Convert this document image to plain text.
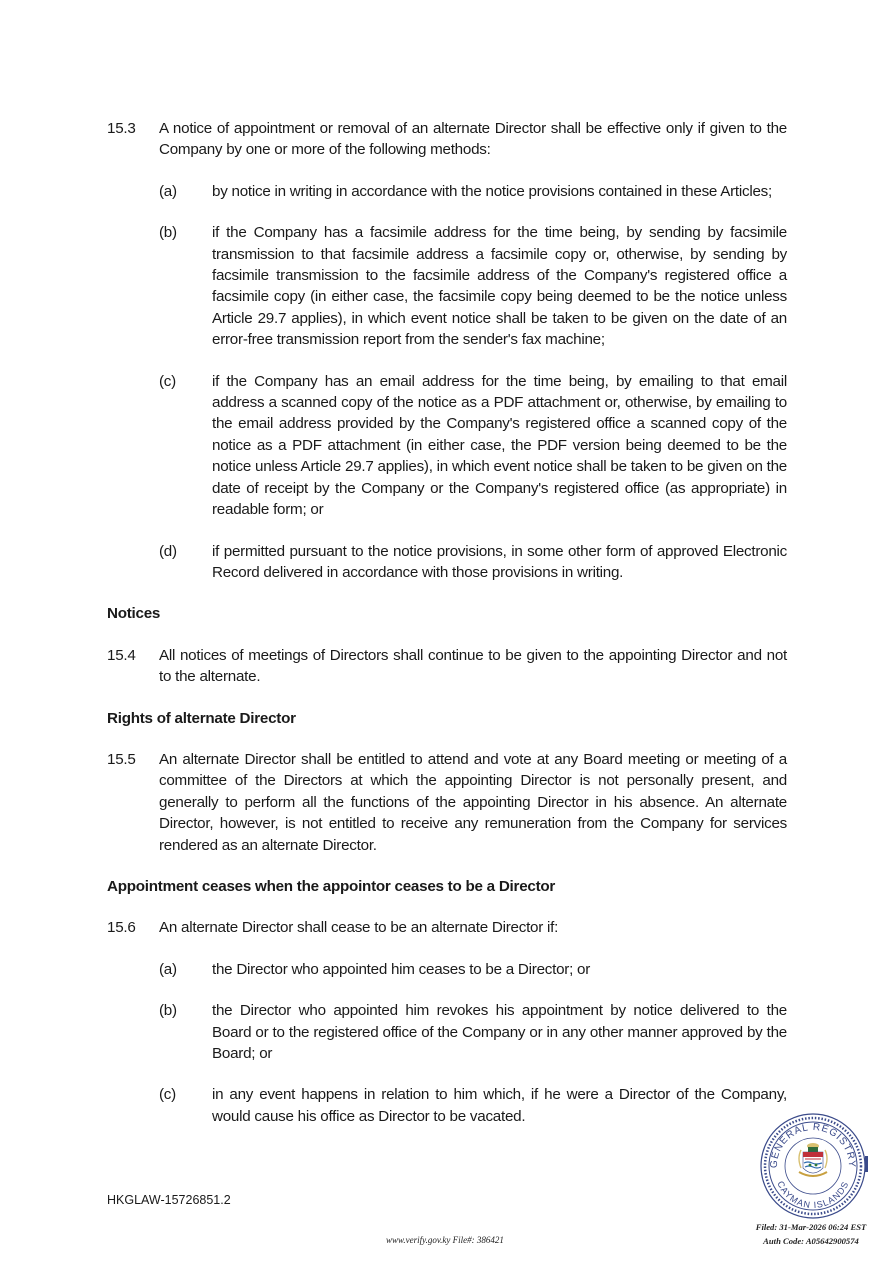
15.3	A notice of appointment or removal of an alternate Director shall be effective only if given to the Company by one or more of the following methods:
(a)	by notice in writing in accordance with the notice provisions contained in these Articles;
(b)	if the Company has a facsimile address for the time being, by sending by facsimile transmission to that facsimile address a facsimile copy or, otherwise, by sending by facsimile transmission to the facsimile address of the Company's registered office a facsimile copy (in either case, the facsimile copy being deemed to be the notice unless Article 29.7 applies), in which event notice shall be taken to be given on the date of an error-free transmission report from the sender's fax machine;
(c)	if the Company has an email address for the time being, by emailing to that email address a scanned copy of the notice as a PDF attachment or, otherwise, by emailing to the email address provided by the Company's registered office a scanned copy of the notice as a PDF attachment (in either case, the PDF version being deemed to be the notice unless Article 29.7 applies), in which event notice shall be taken to be given on the date of receipt by the Company or the Company's registered office (as appropriate) in readable form; or
(d)	if permitted pursuant to the notice provisions, in some other form of approved Electronic Record delivered in accordance with those provisions in writing.
Notices
15.4	All notices of meetings of Directors shall continue to be given to the appointing Director and not to the alternate.
Rights of alternate Director
15.5	An alternate Director shall be entitled to attend and vote at any Board meeting or meeting of a committee of the Directors at which the appointing Director is not personally present, and generally to perform all the functions of the appointing Director in his absence. An alternate Director, however, is not entitled to receive any remuneration from the Company for services rendered as an alternate Director.
Appointment ceases when the appointor ceases to be a Director
15.6	An alternate Director shall cease to be an alternate Director if:
(a)	the Director who appointed him ceases to be a Director; or
(b)	the Director who appointed him revokes his appointment by notice delivered to the Board or to the registered office of the Company or in any other manner approved by the Board; or
(c)	in any event happens in relation to him which, if he were a Director of the Company, would cause his office as Director to be vacated.
GENERAL REGISTRY
CAYMAN ISLANDS
HKGLAW-15726851.2
www.verify.gov.ky File#: 386421
Filed: 31-Mar-2026 06:24 EST
Auth Code: A05642900574
